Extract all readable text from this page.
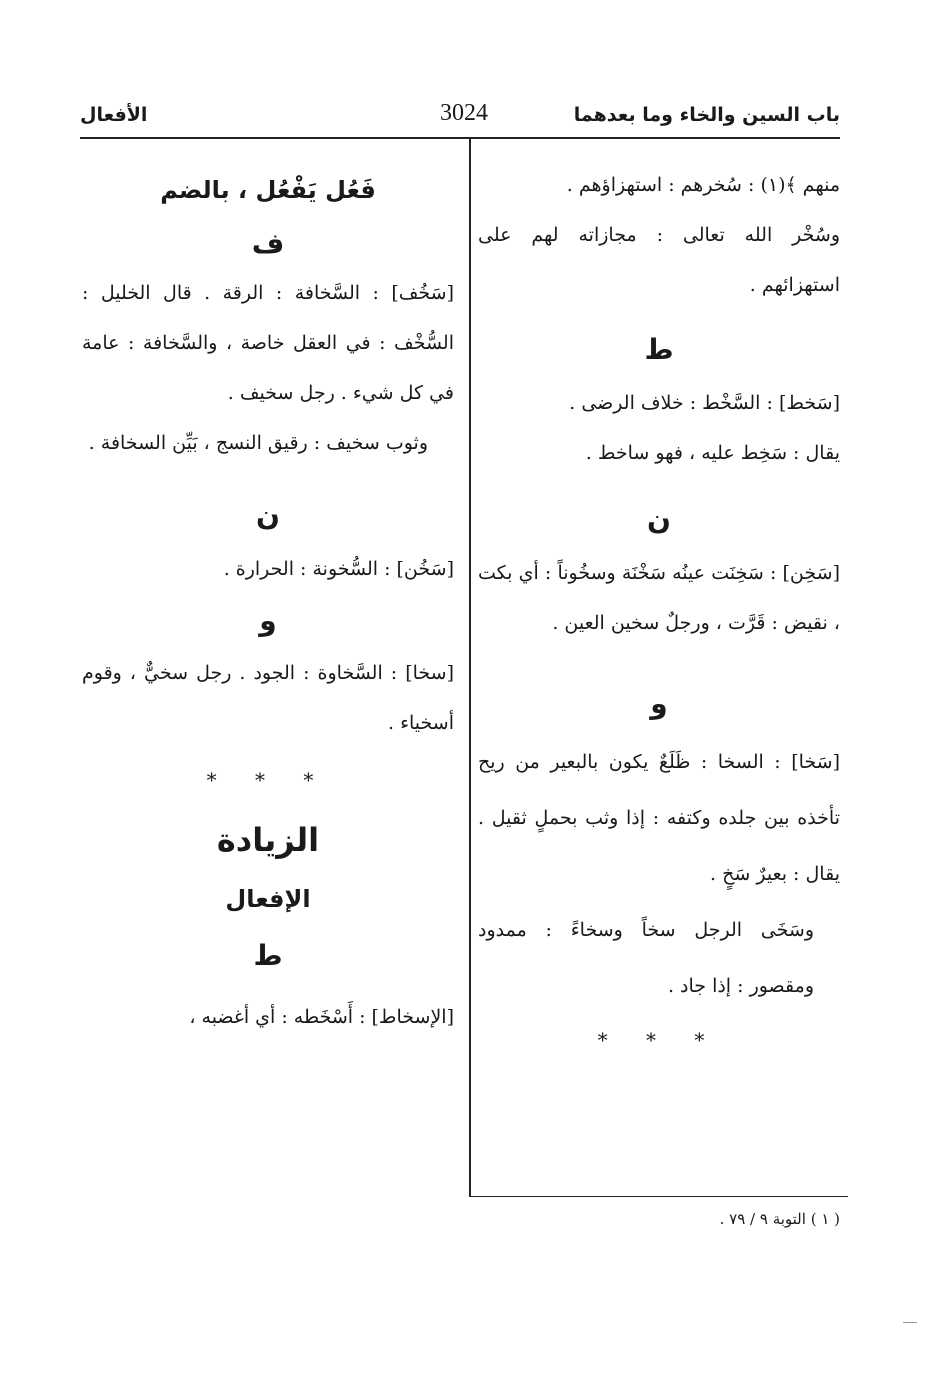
باب السين والخاء وما بعدهما
3024
الأفعال

منهم ﴾(١) : سُخرهم : استهزاؤهم .

وسُخْر الله تعالى : مجازاته لهم على استهزائهم .

ط

[سَخط] : السَّخْط : خلاف الرضى .

يقال : سَخِط عليه ، فهو ساخط .

ن

[سَخِن] : سَخِنَت عينُه سَخْنَة وسخُوناً : أي بكت ، نقيض : قَرَّت ، ورجلٌ سخين العين .

و

[سَخا] : السخا : ظَلَعٌ يكون بالبعير من ريح تأخذه بين جلده وكتفه : إذا وثب بحملٍ ثقيل . يقال : بعيرٌ سَخٍ .

وسَخَى الرجل سخاً وسخاءً : ممدود ومقصور : إذا جاد .

* * *

فَعُل يَفْعُل ، بالضم

ف

[سَخُف] : السَّخافة : الرقة . قال الخليل : السُّخْف : في العقل خاصة ، والسَّخافة : عامة في كل شيء . رجل سخيف .

وثوب سخيف : رقيق النسج ، بَيِّن السخافة .

ن

[سَخُن] : السُّخونة : الحرارة .

و

[سخا] : السَّخاوة : الجود . رجل سخيٌّ ، وقوم أسخياء .

* * *

الزيادة

الإفعال

ط

[الإسخاط] : أَسْخَطه : أي أغضبه ،

( ١ ) التوبة ٩ / ٧٩ .
